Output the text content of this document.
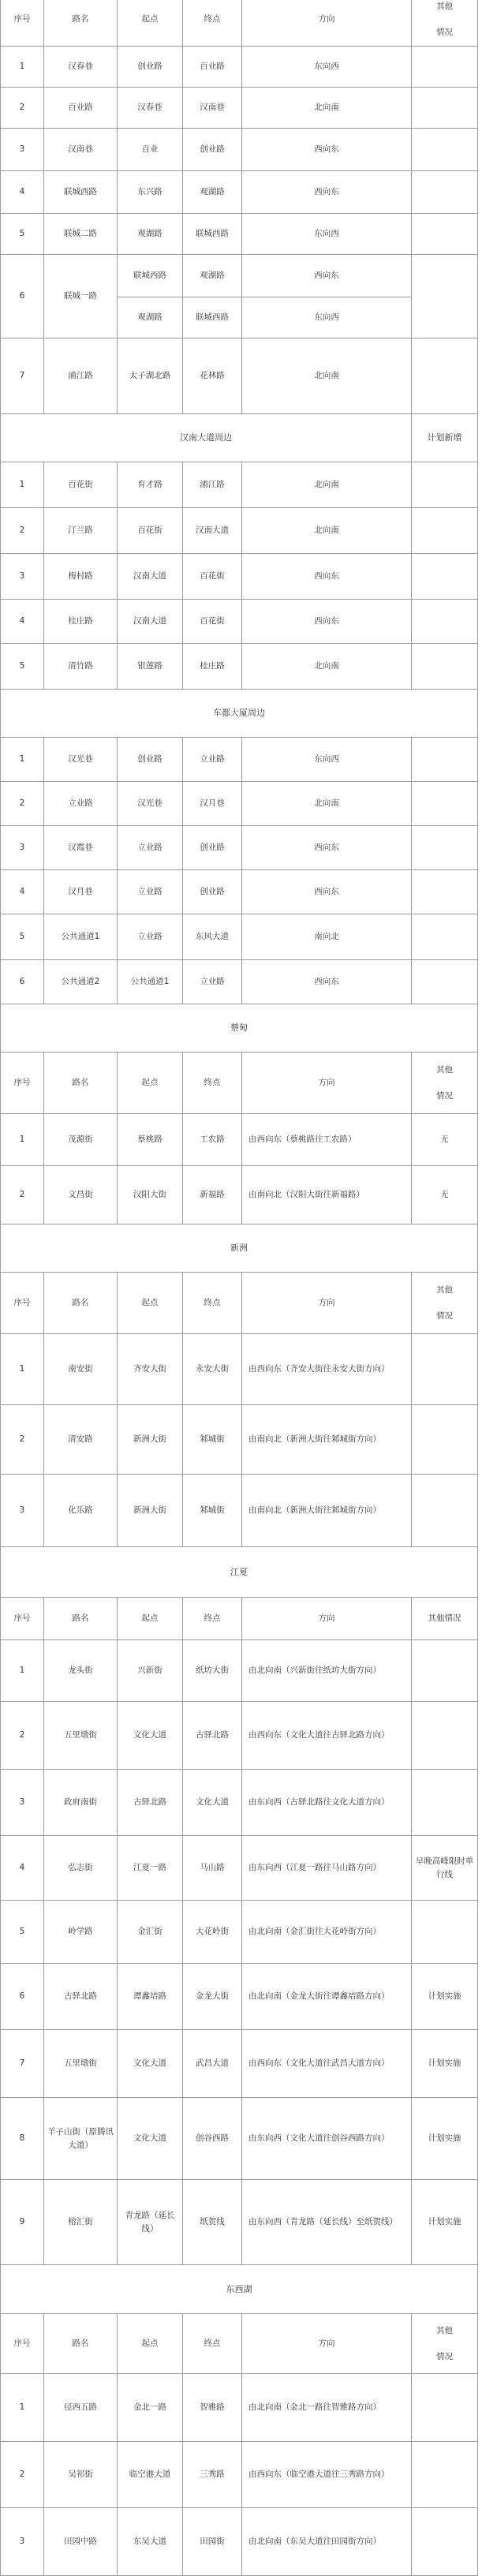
序号	路名	起点	终点	方向	其他

情况
1	汉春巷	创业路	百业路	东向西	
2	百业路	汉春巷	汉南巷	北向南	
3	汉南巷	百业	创业路	西向东	
4	联城西路	东兴路	观湖路	西向东	
5	联城二路	观湖路	联城西路	东向西	
6	联城一路	联城西路	观湖路	西向东	
		观湖路	联城西路	东向西	
7	浦江路	太子湖北路	花林路	北向南	
汉南大道周边					计划新增
1	百花街	育才路	浦江路	北向南	
2	汀兰路	百花街	汉南大道	北向南	
3	梅村路	汉南大道	百花街	西向东	
4	桂庄路	汉南大道	百花街	西向东	
5	清竹路	银莲路	桂庄路	北向南	
车都大厦周边					
1	汉光巷	创业路	立业路	东向西	
2	立业路	汉光巷	汉月巷	北向南	
3	汉霞巷	立业路	创业路	西向东	
4	汉月巷	立业路	创业路	西向东	
5	公共通道1	立业路	东风大道	南向北	
6	公共通道2	公共通道1	立业路	西向东	
蔡甸					
序号	路名	起点	终点	方向	其他

情况
1	茂源街	蔡桃路	工农路	由西向东（蔡桃路往工农路）	无
2	文昌街	汉阳大街	新福路	由南向北（汉阳大街往新福路）	无
新洲					
序号	路名	起点	终点	方向	其他

情况
1	南安街	齐安大街	永安大街	由西向东（齐安大街往永安大街方向）	
2	清安路	新洲大街	邾城街	由南向北（新洲大街往邾城街方向）	
3	化乐路	新洲大街	邾城街	由南向北（新洲大街往邾城街方向）	
江夏					
序号	路名	起点	终点	方向	其他情况
1	龙头街	兴新街	纸坊大街	由北向南（兴新街往纸坊大街方向）	
2	五里墩街	文化大道	古驿北路	由西向东（文化大道往古驿北路方向）	
3	政府南街	古驿北路	文化大道	由东向西（古驿北路往文化大道方向）	
4	弘志街	江夏一路	马山路	由东向西（江夏一路往马山路方向）	早晚高峰限时单行线
5	岭学路	金汇街	大花岭街	由北向南（金汇街往大花岭街方向）	
6	古驿北路	谭鑫培路	金龙大街	由北向南（金龙大街往谭鑫培路方向）	计划实施
7	五里墩街	文化大道	武昌大道	由西向东（文化大道往武昌大道方向）	计划实施
8	羊子山街（原腾讯大道）	文化大道	创谷西路	由东向西（文化大道往创谷西路方向）	计划实施
9	榕汇街	青龙路（延长线）	纸贺线	由东向西（青龙路（延长线）至纸贺线）	计划实施
东西湖					
序号	路名	起点	终点	方向	其他

情况
1	径西五路	金北一路	智雅路	由北向南（金北一路往智雅路方向）	
2	吴祁街	临空港大道	三秀路	由西向东（临空港大道往三秀路方向）	
3	田园中路	东吴大道	田园街	由北向南（东吴大道往田园街方向）	
